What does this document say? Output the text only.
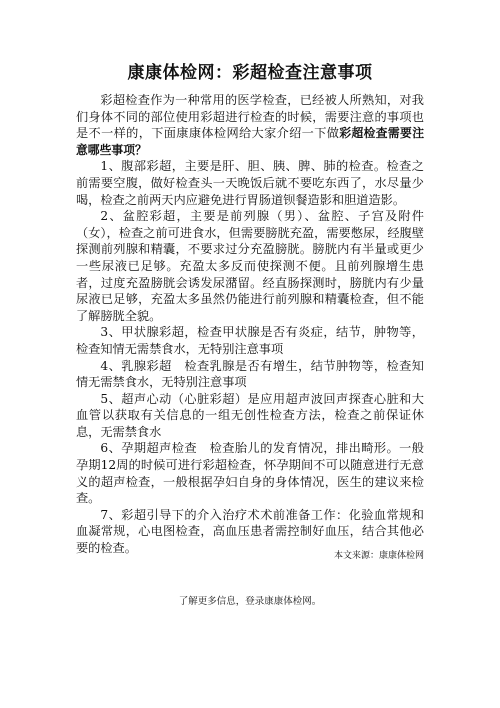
康康体检网：彩超检查注意事项

彩超检查作为一种常用的医学检查，已经被人所熟知，对我们身体不同的部位使用彩超进行检查的时候，需要注意的事项也是不一样的，下面康康体检网给大家介绍一下做彩超检查需要注意哪些事项？

1、腹部彩超，主要是肝、胆、胰、脾、肺的检查。检查之前需要空腹，做好检查头一天晚饭后就不要吃东西了，水尽量少喝，检查之前两天内应避免进行胃肠道钡餐造影和胆道造影。

2、盆腔彩超，主要是前列腺（男）、盆腔、子宫及附件（女），检查之前可进食水，但需要膀胱充盈，需要憋尿，经腹壁探测前列腺和精囊，不要求过分充盈膀胱。膀胱内有半量或更少一些尿液已足够。充盈太多反而使探测不便。且前列腺增生患者，过度充盈膀胱会诱发尿潴留。经直肠探测时，膀胱内有少量尿液已足够，充盈太多虽然仍能进行前列腺和精囊检查，但不能了解膀胱全貌。

3、甲状腺彩超，检查甲状腺是否有炎症，结节，肿物等，检查知情无需禁食水，无特别注意事项

4、乳腺彩超　检查乳腺是否有增生，结节肿物等，检查知情无需禁食水，无特别注意事项

5、超声心动（心脏彩超）是应用超声波回声探查心脏和大血管以获取有关信息的一组无创性检查方法，检查之前保证休息，无需禁食水

6、孕期超声检查　检查胎儿的发育情况，排出畸形。一般孕期12周的时候可进行彩超检查，怀孕期间不可以随意进行无意义的超声检查，一般根据孕妇自身的身体情况，医生的建议来检查。

7、彩超引导下的介入治疗术术前准备工作：化验血常规和血凝常规，心电图检查，高血压患者需控制好血压，结合其他必要的检查。

本文来源：康康体检网
了解更多信息，登录康康体检网。
